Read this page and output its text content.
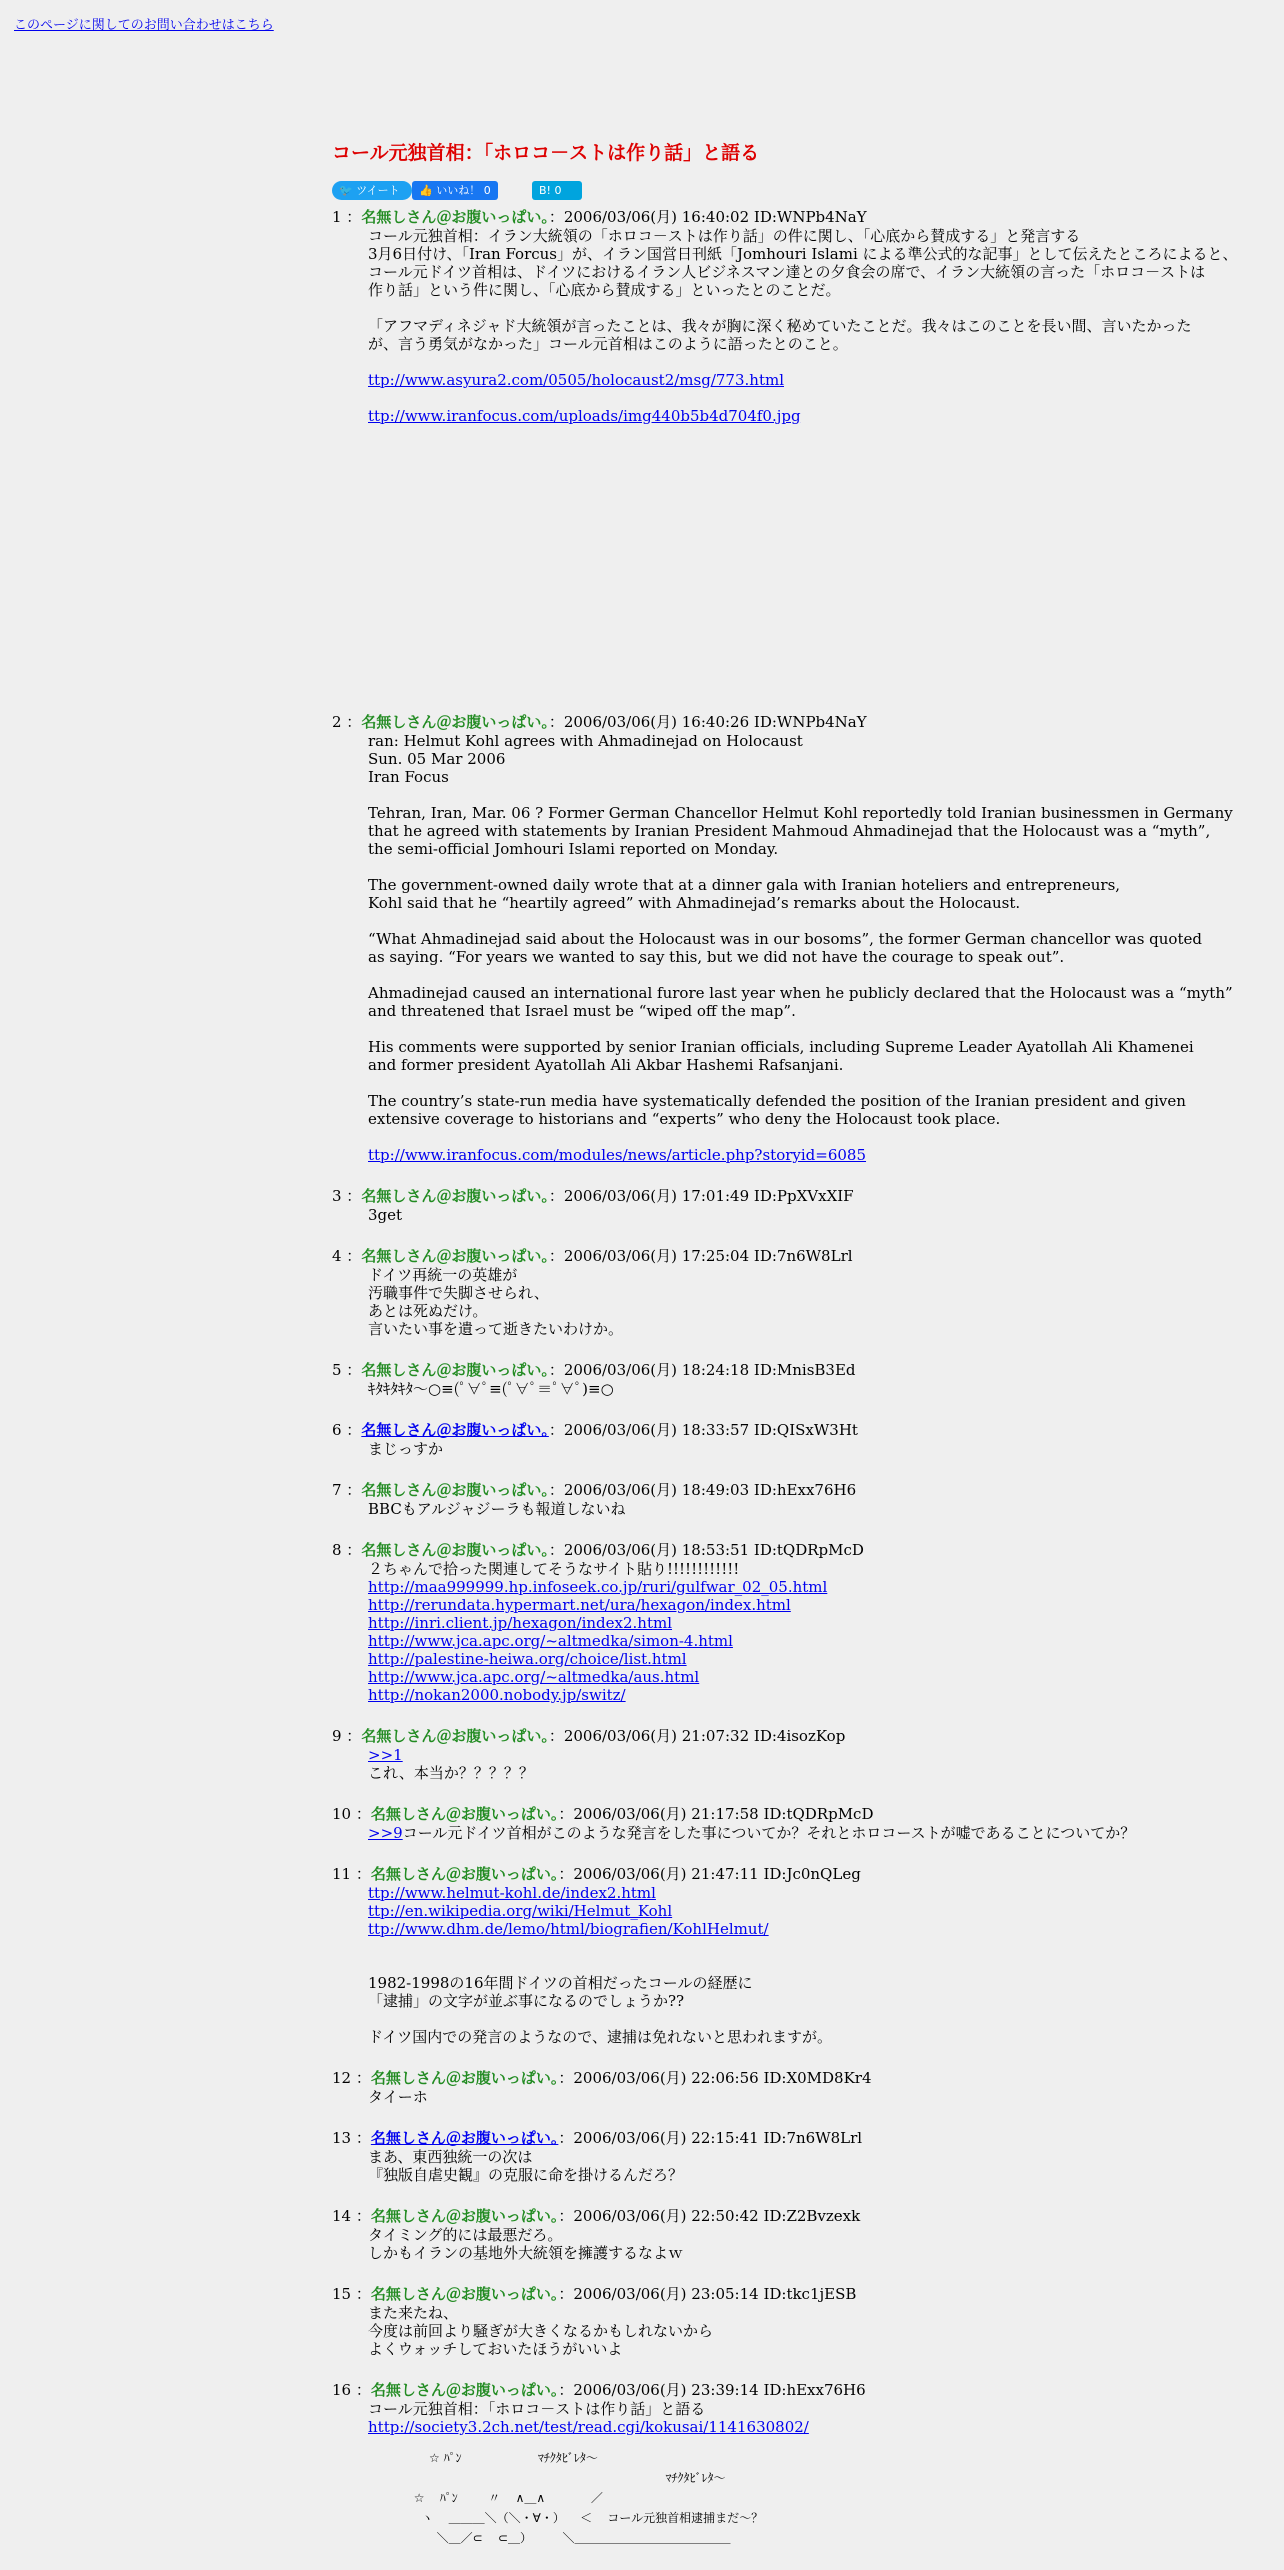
このページに関してのお問い合わせはこちら
コール元独首相：「ホロコ－ストは作り話」と語る
🐦 ツイート	👍 いいね！ 0	B! 0
1 ：名無しさん＠お腹いっぱい。：2006/03/06(月) 16:40:02 ID:WNPb4NaY
コール元独首相：イラン大統領の「ホロコ－ストは作り話」の件に関し、「心底から賛成する」と発言する
3月6日付け、「Iran Forcus」が、イラン国営日刊紙「Jomhouri Islami による準公式的な記事」として伝えたところによると、
コール元ドイツ首相は、ドイツにおけるイラン人ビジネスマン達との夕食会の席で、イラン大統領の言った「ホロコ－ストは
作り話」という件に関し、「心底から賛成する」といったとのことだ。
「アフマディネジャド大統領が言ったことは、我々が胸に深く秘めていたことだ。我々はこのことを長い間、言いたかった
が、言う勇気がなかった」コール元首相はこのように語ったとのこと。
ttp://www.asyura2.com/0505/holocaust2/msg/773.html
ttp://www.iranfocus.com/uploads/img440b5b4d704f0.jpg
2 ：名無しさん＠お腹いっぱい。：2006/03/06(月) 16:40:26 ID:WNPb4NaY
ran: Helmut Kohl agrees with Ahmadinejad on Holocaust
Sun. 05 Mar 2006
Iran Focus
Tehran, Iran, Mar. 06 ? Former German Chancellor Helmut Kohl reportedly told Iranian businessmen in Germany
that he agreed with statements by Iranian President Mahmoud Ahmadinejad that the Holocaust was a “myth”,
the semi-official Jomhouri Islami reported on Monday.
The government-owned daily wrote that at a dinner gala with Iranian hoteliers and entrepreneurs,
Kohl said that he “heartily agreed” with Ahmadinejad’s remarks about the Holocaust.
“What Ahmadinejad said about the Holocaust was in our bosoms”, the former German chancellor was quoted
as saying. “For years we wanted to say this, but we did not have the courage to speak out”.
Ahmadinejad caused an international furore last year when he publicly declared that the Holocaust was a “myth”
and threatened that Israel must be “wiped off the map”.
His comments were supported by senior Iranian officials, including Supreme Leader Ayatollah Ali Khamenei
and former president Ayatollah Ali Akbar Hashemi Rafsanjani.
The country’s state-run media have systematically defended the position of the Iranian president and given
extensive coverage to historians and “experts” who deny the Holocaust took place.
ttp://www.iranfocus.com/modules/news/article.php?storyid=6085
3 ：名無しさん＠お腹いっぱい。：2006/03/06(月) 17:01:49 ID:PpXVxXIF
3get
4 ：名無しさん＠お腹いっぱい。：2006/03/06(月) 17:25:04 ID:7n6W8Lrl
ドイツ再統一の英雄が
汚職事件で失脚させられ、
あとは死ぬだけ。
言いたい事を遺って逝きたいわけか。
5 ：名無しさん＠お腹いっぱい。：2006/03/06(月) 18:24:18 ID:MnisB3Ed
ｷﾀｷﾀｷﾀ〜○≡(ﾟ∀ﾟ≡(ﾟ∀ﾟ≡ﾟ∀ﾟ)≡○
6 ：名無しさん＠お腹いっぱい。：2006/03/06(月) 18:33:57 ID:QISxW3Ht
まじっすか
7 ：名無しさん＠お腹いっぱい。：2006/03/06(月) 18:49:03 ID:hExx76H6
BBCもアルジャジーラも報道しないね
8 ：名無しさん＠お腹いっぱい。：2006/03/06(月) 18:53:51 ID:tQDRpMcD
２ちゃんで拾った関連してそうなサイト貼り!!!!!!!!!!!!
http://maa999999.hp.infoseek.co.jp/ruri/gulfwar_02_05.html
http://rerundata.hypermart.net/ura/hexagon/index.html
http://inri.client.jp/hexagon/index2.html
http://www.jca.apc.org/~altmedka/simon-4.html
http://palestine-heiwa.org/choice/list.html
http://www.jca.apc.org/~altmedka/aus.html
http://nokan2000.nobody.jp/switz/
9 ：名無しさん＠お腹いっぱい。：2006/03/06(月) 21:07:32 ID:4isozKop
>>1
これ、本当か？？？？？
10 ：名無しさん＠お腹いっぱい。：2006/03/06(月) 21:17:58 ID:tQDRpMcD
>>9コール元ドイツ首相がこのような発言をした事についてか？それとホロコーストが嘘であることについてか？
11 ：名無しさん＠お腹いっぱい。：2006/03/06(月) 21:47:11 ID:Jc0nQLeg
ttp://www.helmut-kohl.de/index2.html
ttp://en.wikipedia.org/wiki/Helmut_Kohl
ttp://www.dhm.de/lemo/html/biografien/KohlHelmut/
1982-1998の16年間ドイツの首相だったコールの経歴に
「逮捕」の文字が並ぶ事になるのでしょうか??
ドイツ国内での発言のようなので、逮捕は免れないと思われますが。
12 ：名無しさん＠お腹いっぱい。：2006/03/06(月) 22:06:56 ID:X0MD8Kr4
タイーホ
13 ：名無しさん＠お腹いっぱい。：2006/03/06(月) 22:15:41 ID:7n6W8Lrl
まあ、東西独統一の次は
『独版自虐史観』の克服に命を掛けるんだろ？
14 ：名無しさん＠お腹いっぱい。：2006/03/06(月) 22:50:42 ID:Z2Bvzexk
タイミング的には最悪だろ。
しかもイランの基地外大統領を擁護するなよｗ
15 ：名無しさん＠お腹いっぱい。：2006/03/06(月) 23:05:14 ID:tkc1jESB
また来たね、
今度は前回より騒ぎが大きくなるかもしれないから
よくウォッチしておいたほうがいいよ
16 ：名無しさん＠お腹いっぱい。：2006/03/06(月) 23:39:14 ID:hExx76H6
コール元独首相：「ホロコ－ストは作り話」と語る
http://society3.2ch.net/test/read.cgi/kokusai/1141630802/
☆ ﾊﾟﾝ                    ﾏﾁｸﾀﾋﾞﾚﾀ〜
ﾏﾁｸﾀﾋﾞﾚﾀ〜
☆    ﾊﾟﾝ        〃    ∧＿∧            ／
ヽ    ＿＿＿＼（＼・∀・）    ＜    コール元独首相逮捕まだ～？
＼＿／⊂    ⊂＿）        ＼＿＿＿＿＿＿＿＿＿＿＿＿＿
